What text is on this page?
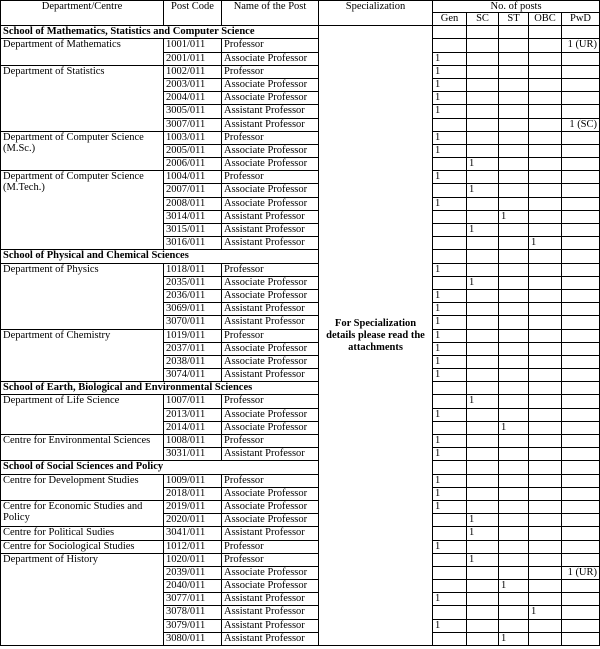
Department/Centre	Post Code	Name of the Post	Specialization	No. of posts				
				Gen	SC	ST	OBC	PwD
School of Mathematics, Statistics and Computer Science			For Specialization details please read the attachments					
Department of Mathematics	1001/011	Professor						1 (UR)
	2001/011	Associate Professor		1				
Department of Statistics	1002/011	Professor		1				
	2003/011	Associate Professor		1				
	2004/011	Associate Professor		1				
	3005/011	Assistant Professor		1				
	3007/011	Assistant Professor						1 (SC)
Department of Computer Science (M.Sc.)	1003/011	Professor		1				
	2005/011	Associate Professor		1				
	2006/011	Associate Professor			1			
Department of Computer Science (M.Tech.)	1004/011	Professor		1				
	2007/011	Associate Professor			1			
	2008/011	Associate Professor		1				
	3014/011	Assistant Professor				1		
	3015/011	Assistant Professor			1			
	3016/011	Assistant Professor					1	
School of Physical and Chemical Sciences								
Department of Physics	1018/011	Professor		1				
	2035/011	Associate Professor			1			
	2036/011	Associate Professor		1				
	3069/011	Assistant Professor		1				
	3070/011	Assistant Professor		1				
Department of Chemistry	1019/011	Professor		1				
	2037/011	Associate Professor		1				
	2038/011	Associate Professor		1				
	3074/011	Assistant Professor		1				
School of Earth, Biological and Environmental Sciences								
Department of Life Science	1007/011	Professor			1			
	2013/011	Associate Professor		1				
	2014/011	Associate Professor				1		
Centre for Environmental Sciences	1008/011	Professor		1				
	3031/011	Assistant Professor		1				
School of Social Sciences and Policy								
Centre for Development Studies	1009/011	Professor		1				
	2018/011	Associate Professor		1				
Centre for Economic Studies and Policy	2019/011	Associate Professor		1				
	2020/011	Associate Professor			1			
Centre for Political Sudies	3041/011	Assistant Professor			1			
Centre for Sociological Studies	1012/011	Professor		1				
Department of History	1020/011	Professor			1			
	2039/011	Associate Professor						1 (UR)
	2040/011	Associate Professor				1		
	3077/011	Assistant Professor		1				
	3078/011	Assistant Professor					1	
	3079/011	Assistant Professor		1				
	3080/011	Assistant Professor				1		
